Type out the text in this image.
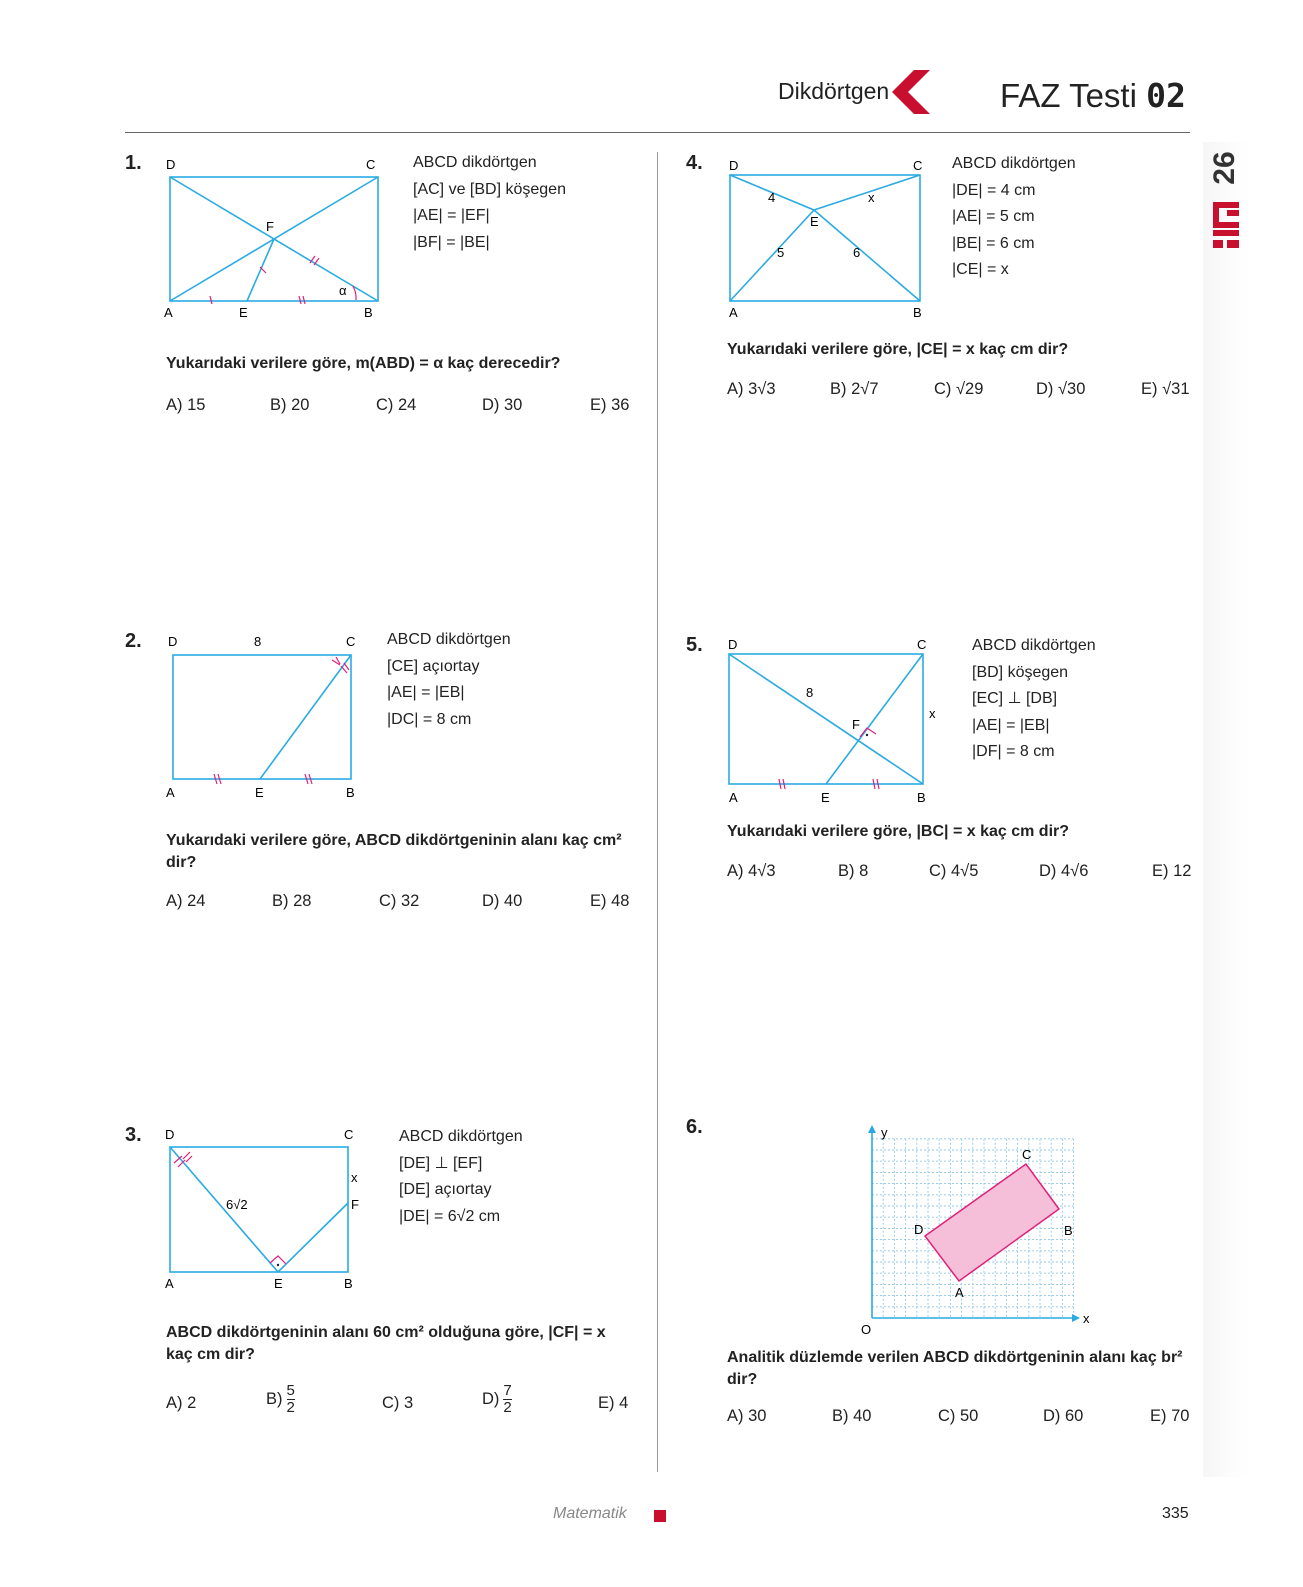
Dikdörtgen	FAZ Testi 02
26
1. D	C
F
A	E	B
α
ABCD dikdörtgen
[AC] ve [BD] köşegen
|AE| = |EF|
|BF| = |BE|
Yukarıdaki verilere göre, m(ABD) = α kaç derecedir?
A) 15	B) 20	C) 24	D) 30	E) 36
2. D	8	C
A	E	B
ABCD dikdörtgen
[CE] açıortay
|AE| = |EB|
|DC| = 8 cm
Yukarıdaki verilere göre, ABCD dikdörtgeninin alanı kaç cm² dir?
A) 24	B) 28	C) 32	D) 40	E) 48
3. D	C
x
F
6√2
A	E	B
ABCD dikdörtgen
[DE] ⊥ [EF]
[DE] açıortay
|DE| = 6√2 cm
ABCD dikdörtgeninin alanı 60 cm² olduğuna göre, |CF| = x kaç cm dir?
A) 2	$B) \frac{5}{2}$	C) 3	$D) \frac{7}{2}$	E) 4
4. D	C
4	x
E
5	6
A	B
ABCD dikdörtgen
|DE| = 4 cm
|AE| = 5 cm
|BE| = 6 cm
|CE| = x
Yukarıdaki verilere göre, |CE| = x kaç cm dir?
A) 3√3	B) 2√7	C) √29	D) √30	E) √31
5. D	C
8
F
x
A	E	B
ABCD dikdörtgen
[BD] köşegen
[EC] ⊥ [DB]
|AE| = |EB|
|DF| = 8 cm
Yukarıdaki verilere göre, |BC| = x kaç cm dir?
A) 4√3	B) 8	C) 4√5	D) 4√6	E) 12
6.	y
x
O
C
B
D
A
Analitik düzlemde verilen ABCD dikdörtgeninin alanı kaç br² dir?
A) 30	B) 40	C) 50	D) 60	E) 70
Matematik	335
